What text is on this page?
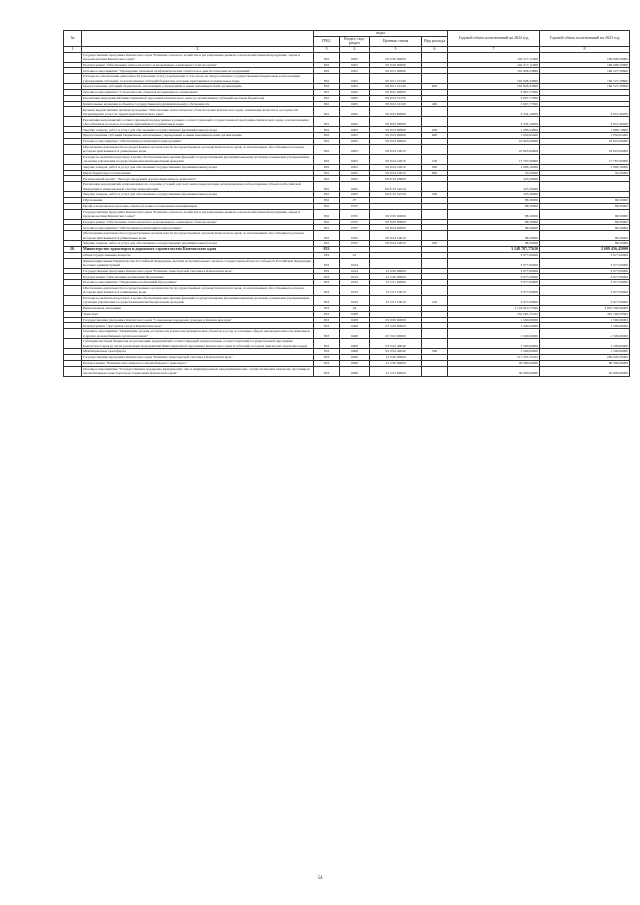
№		коды				Годовой объем ассигнований на 2022 год	Годовой объем ассигнований на 2023 год
		ГРБС	Раздел, под-раздел	Целевая статья	Вид расхода		
1	2	3	4	5	6	7	8
	Государственная программа Камчатского края "Развитие сельского хозяйства и регулирование рынков сельскохозяйственной продукции, сырья и продовольствия Камчатского края"	832	0405	09 0 00 00000		192 217,11000	189 008,59000
	Подпрограмма "Обеспечение эпизоотического и ветеринарно-санитарного благополучия"	832	0405	09 8 00 00000		192 217,11000	189 008,59000
	Основное мероприятие "Проведение плановых профилактических обработок и диагностических исследований"	832	0405	09 8 01 00000		165 828,33890	166 527,58800
	Расходы на обеспечение деятельности (оказание услуг) учреждений, в том числе на предоставление государственным бюджетным и автономным учреждениям субсидий, за исключением субсидий бюджетам, которым присваиваются уникальные коды	832	0405	09 8 01 10140		165 828,33890	166 527,58800
	Предоставление субсидий бюджетным, автономным учреждениям и иным некоммерческим организациям	832	0405	09 8 01 10140	600	165 828,33890	166 527,58800
	Основное мероприятие "Строительство объектов ветеринарного назначения"	832	0405	09 8 02 00000		3 907,77000	
	Реализация мероприятий Инвестиционной программы Камчатского края (за исключением субсидий местным бюджетам)	832	0405	09 8 02 10130		3 907,77000	
	Капитальные вложения в объекты государственной (муниципальной) собственности	832	0405	09 8 02 10130	400	3 907,77000	
	Краевая ведомственная целевая программа "Обеспечение эпизоотического благополучия Камчатского края, повышение качества и доступности ветеринарных услуг на территории Камчатского края"	832	0405	09 8 03 00000		3 334,10200	3 657,40200
	Реализация мероприятий соответствующей подпрограммы в рамках соответствующей государственной программы Камчатского края, за исключением обособленных расходов, которым присваиваются уникальные коды	832	0405	09 8 03 09990		3 334,10200	3 657,40200
	Закупка товаров, работ и услуг для обеспечения государственных (муниципальных) нужд	832	0405	09 8 03 09990	200	1 483,44800	1 806,74800
	Предоставление субсидий бюджетным, автономным учреждениям и иным некоммерческим организациям	832	0405	09 8 03 09990	600	1 850,65400	1 850,65400
	Основное мероприятие "Обеспечение реализации подпрограммы"	832	0405	09 8 04 00000		18 823,60000	18 823,60000
	Обеспечение деятельности государственных органов власти (государственных органов) Камчатского края, за исключением обособленных расходов, которым присваиваются уникальные коды	832	0405	09 8 04 10010		18 823,60000	18 823,60000
	Расходы на выплаты персоналу в целях обеспечения выполнения функций государственными (муниципальными) органами, казенными учреждениями, органами управления государственными внебюджетными фондами	832	0405	09 8 04 10010	100	17 767,00000	17 767,00000
	Закупка товаров, работ и услуг для обеспечения государственных (муниципальных) нужд	832	0405	09 8 04 10010	200	1 006,10000	1 006,10000
	Иные бюджетные ассигнования	832	0405	09 8 04 10010	800	50,50000	50,50000
	Региональный проект "Экспорт продукции агропромышленного комплекса"	832	0405	09 8 Т2 00000		323,30000	
	Реализация мероприятий, направленных на создание условий для получения аккредитации ветеринарными лабораториями субъектов Российской Федерации в национальной системе аккредитации	832	0405	09 8 Т2 52510		323,30000	
	Закупка товаров, работ и услуг для обеспечения государственных (муниципальных) нужд	832	0405	09 8 Т2 52510	200	323,30000	
	Образование	832	07			88,50000	88,50000
	Профессиональная подготовка, переподготовка и повышение квалификации	832	0705			88,50000	88,50000
	Государственная программа Камчатского края "Развитие сельского хозяйства и регулирование рынков сельскохозяйственной продукции, сырья и продовольствия Камчатского края"	832	0705	09 0 00 00000		88,50000	88,50000
	Подпрограмма "Обеспечение эпизоотического и ветеринарно-санитарного благополучия"	832	0705	09 8 00 00000		88,50000	88,50000
	Основное мероприятие "Обеспечение реализации подпрограммы"	832	0705	09 8 04 00000		88,50000	88,50000
	Обеспечение деятельности государственных органов власти (государственных органов) Камчатского края, за исключением обособленных расходов, которым присваиваются уникальные коды	832	0705	09 8 04 10010		88,50000	88,50000
	Закупка товаров, работ и услуг для обеспечения государственных (муниципальных) нужд	832	0705	09 8 04 10010	200	88,50000	88,50000
20.	Министерство транспорта и дорожного строительства Камчатского края	833				3 148 787,77620	3 609 456,45000
	Общегосударственные вопросы	833	01			3 977,00000	3 977,00000
	Функционирование Правительства Российской Федерации, высших исполнительных органов государственной власти субъектов Российской Федерации, местных администраций	833	0104			3 977,00000	3 977,00000
	Государственная программа Камчатского края "Развитие транспортной системы в Камчатском крае"	833	0104	12 0 00 00000		3 977,00000	3 977,00000
	Подпрограмма "Обеспечение реализации Программы"	833	0104	12 5 00 00000		3 977,00000	3 977,00000
	Основное мероприятие "Управление реализацией Программы"	833	0104	12 5 01 00000		3 977,00000	3 977,00000
	Обеспечение деятельности государственных органов власти (государственных органов) Камчатского края, за исключением обособленных расходов, которым присваиваются уникальные коды	833	0104	12 5 01 10010		3 977,00000	3 977,00000
	Расходы на выплаты персоналу в целях обеспечения выполнения функций государственными (муниципальными) органами, казенными учреждениями, органами управления государственными внебюджетными фондами	833	0104	12 5 01 10010	100	3 977,00000	3 977,00000
	Национальная экономика	833	04			3 144 810,77620	3 605 509,60000
	Транспорт	833	0408			255 281,55165	307 166,33365
	Государственная программа Камчатского края "Социальная поддержка граждан в Камчатском крае"	833	0408	03 0 00 00000		1 500,00000	1 500,00000
	Подпрограмма "Доступная среда в Камчатском крае"	833	0408	03 3 00 00000		1 500,00000	1 500,00000
	Основное мероприятие "Повышение уровня доступности и качества приоритетных объектов и услуг в основных сферах жизнедеятельности инвалидов и других маломобильных групп населения"	833	0408	03 3 02 00000		1 500,00000	1 500,00000
	Субсидии местным бюджетам на реализацию мероприятий соответствующей подпрограммы соответствующей государственной программы Камчатского края (в части реализации мероприятий Инвестиционной программы Камчатского края и субсидий, которым присвоены отдельные коды)	833	0408	03 3 02 40040		1 500,00000	1 500,00000
	Межбюджетные трансферты	833	0408	03 3 02 40040	500	1 500,00000	1 500,00000
	Государственная программа Камчатского края "Развитие транспортной системы в Камчатском крае"	833	0408	12 0 00 00000		217 201,55165	269 020,33365
	Подпрограмма "Развитие пассажирского автомобильного транспорта"	833	0408	12 2 00 00000		46 300,00000	86 300,00000
	Основное мероприятие "Государственная поддержка юридических лиц и индивидуальных предпринимателей, осуществляющих перевозку пассажиров автомобильным транспортом на территории Камчатского края"	833	0408	12 2 01 00000		30 000,00000	50 000,00000
54
